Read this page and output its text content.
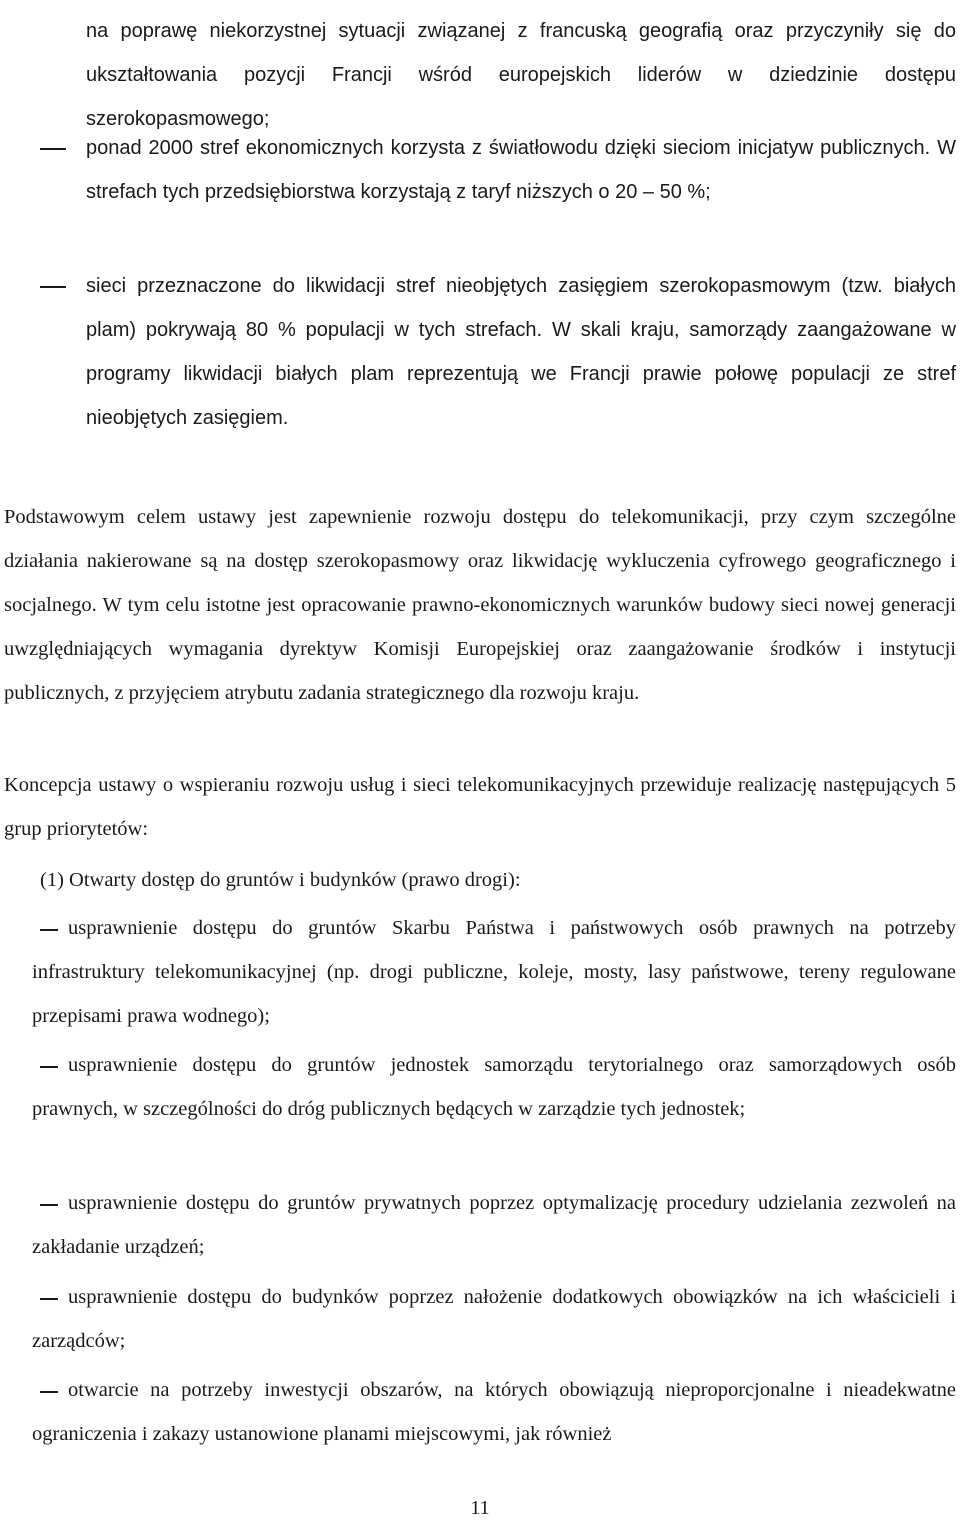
na poprawę niekorzystnej sytuacji związanej z francuską geografią oraz przyczyniły się do ukształtowania pozycji Francji wśród europejskich liderów w dziedzinie dostępu szerokopasmowego;

ponad 2000 stref ekonomicznych korzysta z światłowodu dzięki sieciom inicjatyw publicznych. W strefach tych przedsiębiorstwa korzystają z taryf niższych o 20 – 50 %;

sieci przeznaczone do likwidacji stref nieobjętych zasięgiem szerokopasmowym (tzw. białych plam) pokrywają 80 % populacji w tych strefach. W skali kraju, samorządy zaangażowane w programy likwidacji białych plam reprezentują we Francji prawie połowę populacji ze stref nieobjętych zasięgiem.

Podstawowym celem ustawy jest zapewnienie rozwoju dostępu do telekomunikacji, przy czym szczególne działania nakierowane są na dostęp szerokopasmowy oraz likwidację wykluczenia cyfrowego geograficznego i socjalnego. W tym celu istotne jest opracowanie prawno-ekonomicznych warunków budowy sieci nowej generacji uwzględniających wymagania dyrektyw Komisji Europejskiej oraz zaangażowanie środków i instytucji publicznych, z przyjęciem atrybutu zadania strategicznego dla rozwoju kraju.

Koncepcja ustawy o wspieraniu rozwoju usług i sieci telekomunikacyjnych przewiduje realizację następujących 5 grup priorytetów:

(1) Otwarty dostęp do gruntów i budynków (prawo drogi):

usprawnienie dostępu do gruntów Skarbu Państwa i państwowych osób prawnych na potrzeby infrastruktury telekomunikacyjnej (np. drogi publiczne, koleje, mosty, lasy państwowe, tereny regulowane przepisami prawa wodnego);

usprawnienie dostępu do gruntów jednostek samorządu terytorialnego oraz samorządowych osób prawnych, w szczególności do dróg publicznych będących w zarządzie tych jednostek;

usprawnienie dostępu do gruntów prywatnych poprzez optymalizację procedury udzielania zezwoleń na zakładanie urządzeń;

usprawnienie dostępu do budynków poprzez nałożenie dodatkowych obowiązków na ich właścicieli i zarządców;

otwarcie na potrzeby inwestycji obszarów, na których obowiązują nieproporcjonalne i nieadekwatne ograniczenia i zakazy ustanowione planami miejscowymi, jak również

11
